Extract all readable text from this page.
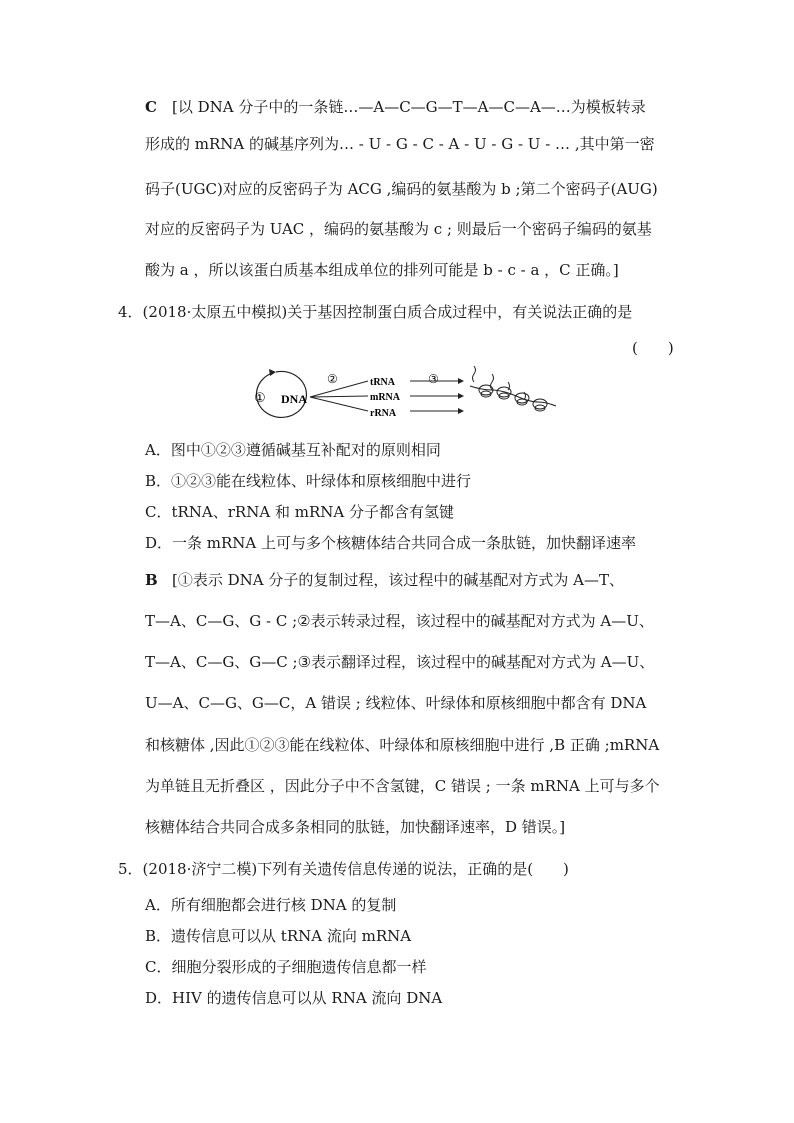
C [以 DNA 分子中的一条链…—A—C—G—T—A—C—A—…为模板转录
形成的 mRNA 的碱基序列为… - U - G - C - A - U - G - U - … ,其中第一密
码子(UGC)对应的反密码子为 ACG ,编码的氨基酸为 b ;第二个密码子(AUG)
对应的反密码子为 UAC ，编码的氨基酸为 c ; 则最后一个密码子编码的氨基
酸为 a ，所以该蛋白质基本组成单位的排列可能是 b - c - a ，C 正确。]
4．(2018·太原五中模拟)关于基因控制蛋白质合成过程中，有关说法正确的是
(　　)
① DNA
②	tRNA
mRNA
rRNA
③
A．图中①②③遵循碱基互补配对的原则相同
B．①②③能在线粒体、叶绿体和原核细胞中进行
C．tRNA、rRNA 和 mRNA 分子都含有氢键
D．一条 mRNA 上可与多个核糖体结合共同合成一条肽链，加快翻译速率
B [①表示 DNA 分子的复制过程，该过程中的碱基配对方式为 A—T、
T—A、C—G、G - C ;②表示转录过程，该过程中的碱基配对方式为 A—U、
T—A、C—G、G—C ;③表示翻译过程，该过程中的碱基配对方式为 A—U、
U—A、C—G、G—C，A 错误 ; 线粒体、叶绿体和原核细胞中都含有 DNA
和核糖体 ,因此①②③能在线粒体、叶绿体和原核细胞中进行 ,B 正确 ;mRNA
为单链且无折叠区 ，因此分子中不含氢键，C 错误 ; 一条 mRNA 上可与多个
核糖体结合共同合成多条相同的肽链，加快翻译速率，D 错误。]
5．(2018·济宁二模)下列有关遗传信息传递的说法，正确的是(　　)
A．所有细胞都会进行核 DNA 的复制
B．遗传信息可以从 tRNA 流向 mRNA
C．细胞分裂形成的子细胞遗传信息都一样
D．HIV 的遗传信息可以从 RNA 流向 DNA
